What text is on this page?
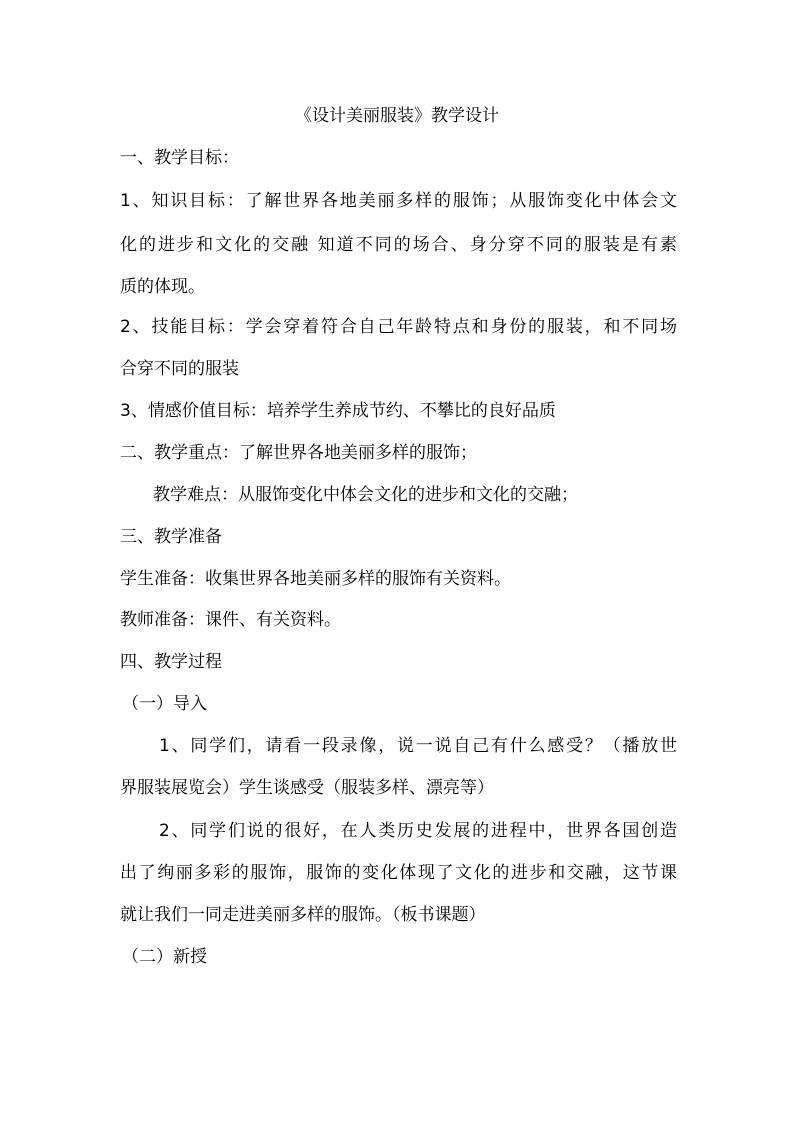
《设计美丽服装》教学设计
一、教学目标：
1、知识目标：了解世界各地美丽多样的服饰；从服饰变化中体会文
化的进步和文化的交融 知道不同的场合、身分穿不同的服装是有素
质的体现。
2、技能目标：学会穿着符合自己年龄特点和身份的服装，和不同场
合穿不同的服装
3、情感价值目标：培养学生养成节约、不攀比的良好品质
二、教学重点：了解世界各地美丽多样的服饰；
教学难点：从服饰变化中体会文化的进步和文化的交融；
三、教学准备
学生准备：收集世界各地美丽多样的服饰有关资料。
教师准备：课件、有关资料。
四、教学过程
（一）导入
1、同学们，请看一段录像，说一说自己有什么感受？（播放世
界服装展览会）学生谈感受（服装多样、漂亮等）
2、同学们说的很好，在人类历史发展的进程中，世界各国创造
出了绚丽多彩的服饰，服饰的变化体现了文化的进步和交融，这节课
就让我们一同走进美丽多样的服饰。（板书课题）
（二）新授
